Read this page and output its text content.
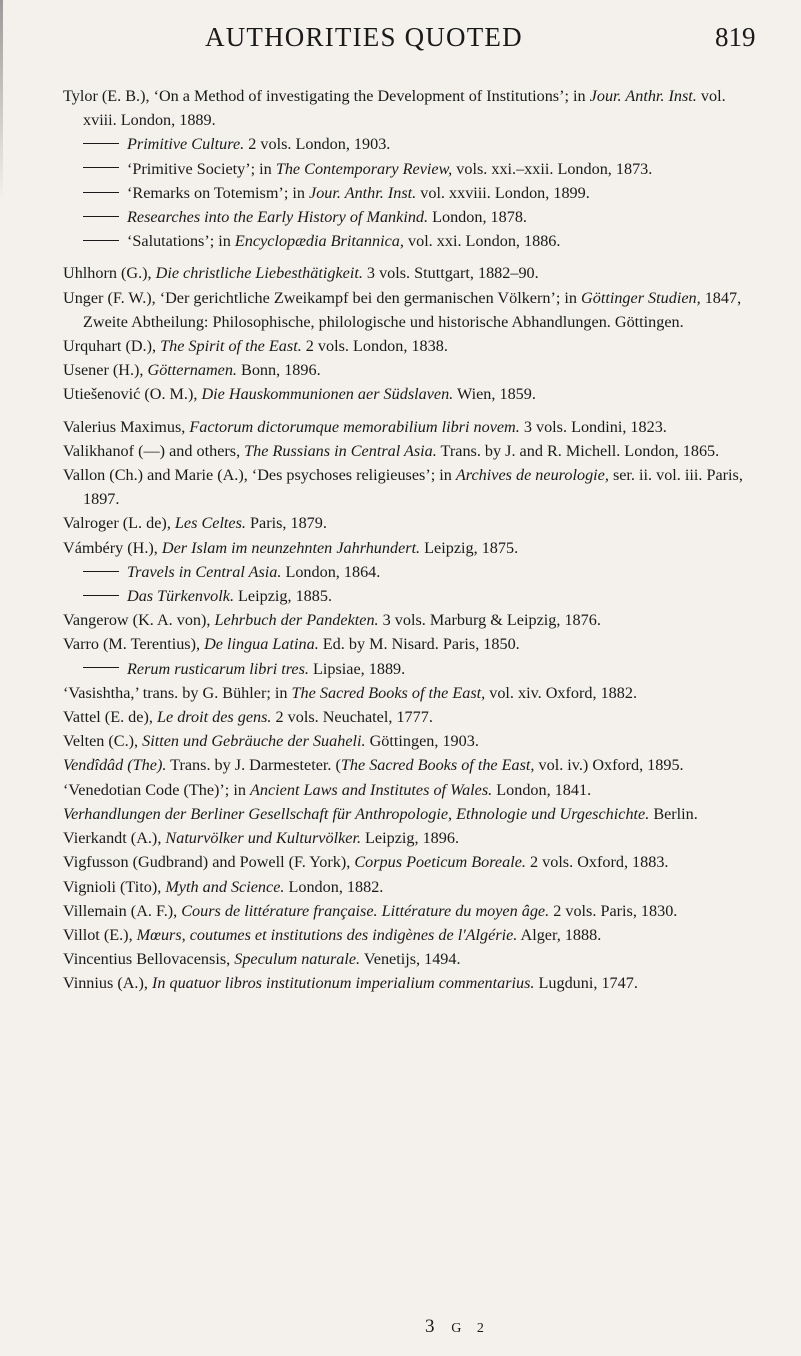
AUTHORITIES QUOTED	819

Tylor (E. B.), ‘On a Method of investigating the Development of Institutions’; in Jour. Anthr. Inst. vol. xviii. London, 1889.

Primitive Culture. 2 vols. London, 1903.

‘Primitive Society’; in The Contemporary Review, vols. xxi.–xxii. London, 1873.

‘Remarks on Totemism’; in Jour. Anthr. Inst. vol. xxviii. London, 1899.

Researches into the Early History of Mankind. London, 1878.

‘Salutations’; in Encyclopædia Britannica, vol. xxi. London, 1886.

Uhlhorn (G.), Die christliche Liebesthätigkeit. 3 vols. Stuttgart, 1882–90.

Unger (F. W.), ‘Der gerichtliche Zweikampf bei den germanischen Völkern’; in Göttinger Studien, 1847, Zweite Abtheilung: Philosophische, philologische und historische Abhandlungen. Göttingen.

Urquhart (D.), The Spirit of the East. 2 vols. London, 1838.

Usener (H.), Götternamen. Bonn, 1896.

Utiešenović (O. M.), Die Hauskommunionen aer Südslaven. Wien, 1859.

Valerius Maximus, Factorum dictorumque memorabilium libri novem. 3 vols. Londini, 1823.

Valikhanof (—) and others, The Russians in Central Asia. Trans. by J. and R. Michell. London, 1865.

Vallon (Ch.) and Marie (A.), ‘Des psychoses religieuses’; in Archives de neurologie, ser. ii. vol. iii. Paris, 1897.

Valroger (L. de), Les Celtes. Paris, 1879.

Vámbéry (H.), Der Islam im neunzehnten Jahrhundert. Leipzig, 1875.

Travels in Central Asia. London, 1864.

Das Türkenvolk. Leipzig, 1885.

Vangerow (K. A. von), Lehrbuch der Pandekten. 3 vols. Marburg & Leipzig, 1876.

Varro (M. Terentius), De lingua Latina. Ed. by M. Nisard. Paris, 1850.

Rerum rusticarum libri tres. Lipsiae, 1889.

‘Vasishtha,’ trans. by G. Bühler; in The Sacred Books of the East, vol. xiv. Oxford, 1882.

Vattel (E. de), Le droit des gens. 2 vols. Neuchatel, 1777.

Velten (C.), Sitten und Gebräuche der Suaheli. Göttingen, 1903.

Vendîdâd (The). Trans. by J. Darmesteter. (The Sacred Books of the East, vol. iv.) Oxford, 1895.

‘Venedotian Code (The)’; in Ancient Laws and Institutes of Wales. London, 1841.

Verhandlungen der Berliner Gesellschaft für Anthropologie, Ethnologie und Urgeschichte. Berlin.

Vierkandt (A.), Naturvölker und Kulturvölker. Leipzig, 1896.

Vigfusson (Gudbrand) and Powell (F. York), Corpus Poeticum Boreale. 2 vols. Oxford, 1883.

Vignioli (Tito), Myth and Science. London, 1882.

Villemain (A. F.), Cours de littérature française. Littérature du moyen âge. 2 vols. Paris, 1830.

Villot (E.), Mœurs, coutumes et institutions des indigènes de l'Algérie. Alger, 1888.

Vincentius Bellovacensis, Speculum naturale. Venetijs, 1494.

Vinnius (A.), In quatuor libros institutionum imperialium commentarius. Lugduni, 1747.

3 G 2
